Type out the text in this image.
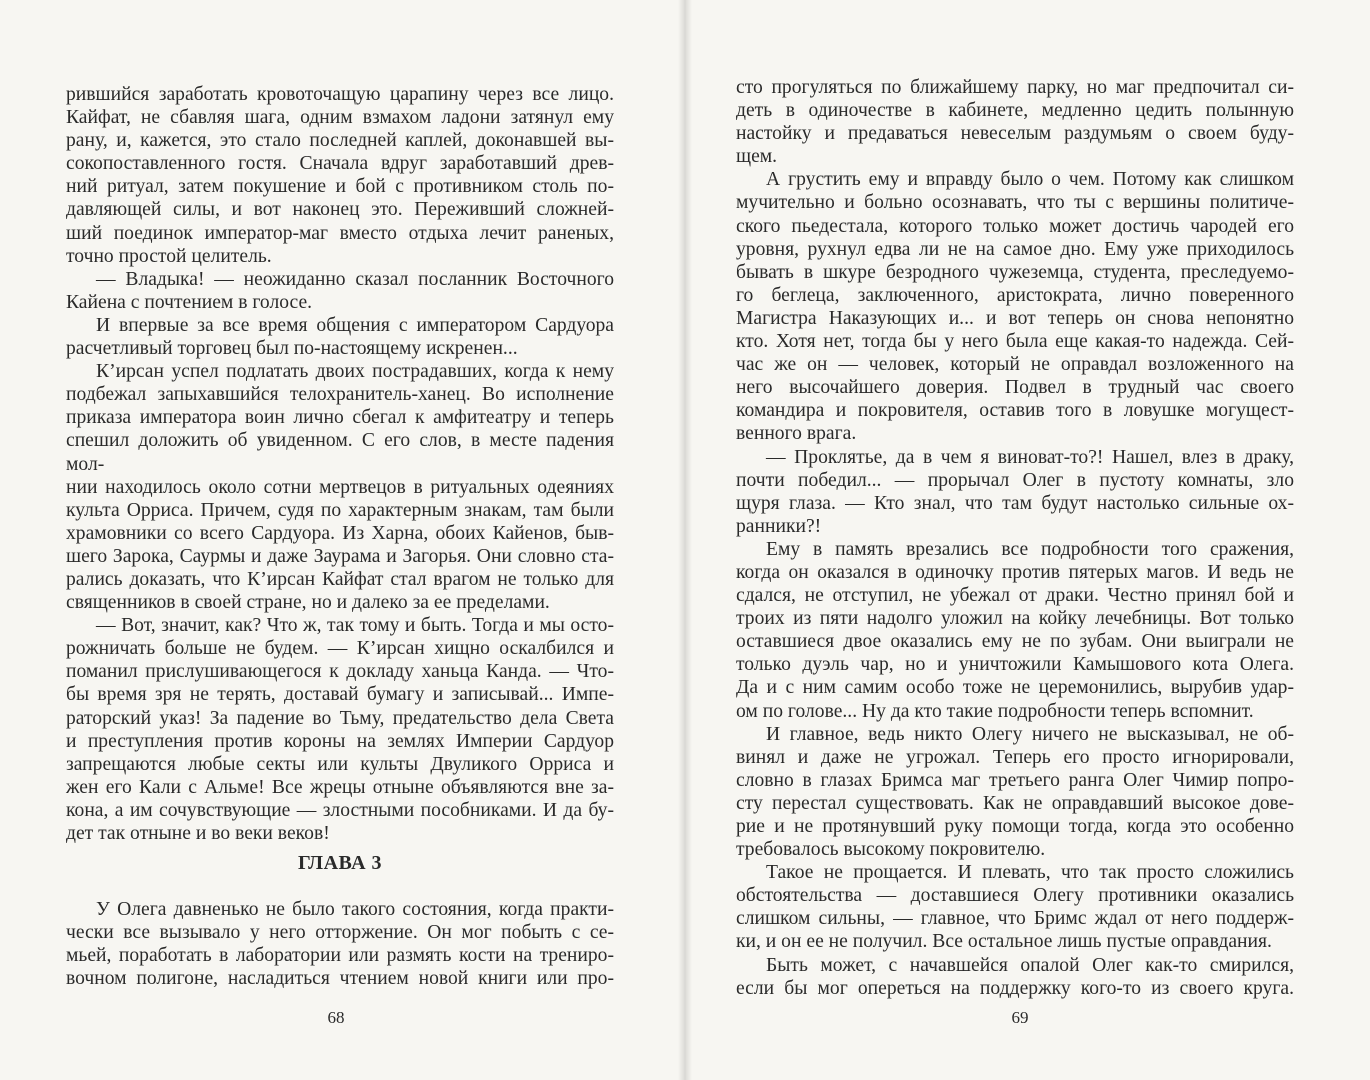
рившийся заработать кровоточащую царапину через все лицо.

Кайфат, не сбавляя шага, одним взмахом ладони затянул ему

рану, и, кажется, это стало последней каплей, доконавшей вы-

сокопоставленного гостя. Сначала вдруг заработавший древ-

ний ритуал, затем покушение и бой с противником столь по-

давляющей силы, и вот наконец это. Переживший сложней-

ший поединок император-маг вместо отдыха лечит раненых,

точно простой целитель.

— Владыка! — неожиданно сказал посланник Восточного

Кайена с почтением в голосе.

И впервые за все время общения с императором Сардуора

расчетливый торговец был по-настоящему искренен...

К’ирсан успел подлатать двоих пострадавших, когда к нему

подбежал запыхавшийся телохранитель-ханец. Во исполнение

приказа императора воин лично сбегал к амфитеатру и теперь

спешил доложить об увиденном. С его слов, в месте падения мол-

нии находилось около сотни мертвецов в ритуальных одеяниях

культа Орриса. Причем, судя по характерным знакам, там были

храмовники со всего Сардуора. Из Харна, обоих Кайенов, быв-

шего Зарока, Саурмы и даже Заурама и Загорья. Они словно ста-

рались доказать, что К’ирсан Кайфат стал врагом не только для

священников в своей стране, но и далеко за ее пределами.

— Вот, значит, как? Что ж, так тому и быть. Тогда и мы осто-

рожничать больше не будем. — К’ирсан хищно оскалбился и

поманил прислушивающегося к докладу ханьца Канда. — Что-

бы время зря не терять, доставай бумагу и записывай... Импе-

раторский указ! За падение во Тьму, предательство дела Света

и преступления против короны на землях Империи Сардуор

запрещаются любые секты или культы Двуликого Орриса и

жен его Кали с Альме! Все жрецы отныне объявляются вне за-

кона, а им сочувствующие — злостными пособниками. И да бу-

дет так отныне и во веки веков!

ГЛАВА 3

У Олега давненько не было такого состояния, когда практи-

чески все вызывало у него отторжение. Он мог побыть с се-

мьей, поработать в лаборатории или размять кости на трениро-

вочном полигоне, насладиться чтением новой книги или про-

68

сто прогуляться по ближайшему парку, но маг предпочитал си-

деть в одиночестве в кабинете, медленно цедить полынную

настойку и предаваться невеселым раздумьям о своем буду-

щем.

А грустить ему и вправду было о чем. Потому как слишком

мучительно и больно осознавать, что ты с вершины политиче-

ского пьедестала, которого только может достичь чародей его

уровня, рухнул едва ли не на самое дно. Ему уже приходилось

бывать в шкуре безродного чужеземца, студента, преследуемо-

го беглеца, заключенного, аристократа, лично поверенного

Магистра Наказующих и... и вот теперь он снова непонятно

кто. Хотя нет, тогда бы у него была еще какая-то надежда. Сей-

час же он — человек, который не оправдал возложенного на

него высочайшего доверия. Подвел в трудный час своего

командира и покровителя, оставив того в ловушке могущест-

венного врага.

— Проклятье, да в чем я виноват-то?! Нашел, влез в драку,

почти победил... — прорычал Олег в пустоту комнаты, зло

щуря глаза. — Кто знал, что там будут настолько сильные ох-

ранники?!

Ему в память врезались все подробности того сражения,

когда он оказался в одиночку против пятерых магов. И ведь не

сдался, не отступил, не убежал от драки. Честно принял бой и

троих из пяти надолго уложил на койку лечебницы. Вот только

оставшиеся двое оказались ему не по зубам. Они выиграли не

только дуэль чар, но и уничтожили Камышового кота Олега.

Да и с ним самим особо тоже не церемонились, вырубив удар-

ом по голове... Ну да кто такие подробности теперь вспомнит.

И главное, ведь никто Олегу ничего не высказывал, не об-

винял и даже не угрожал. Теперь его просто игнорировали,

словно в глазах Бримса маг третьего ранга Олег Чимир попро-

сту перестал существовать. Как не оправдавший высокое дове-

рие и не протянувший руку помощи тогда, когда это особенно

требовалось высокому покровителю.

Такое не прощается. И плевать, что так просто сложились

обстоятельства — доставшиеся Олегу противники оказались

слишком сильны, — главное, что Бримс ждал от него поддерж-

ки, и он ее не получил. Все остальное лишь пустые оправдания.

Быть может, с начавшейся опалой Олег как-то смирился,

если бы мог опереться на поддержку кого-то из своего круга.

69
